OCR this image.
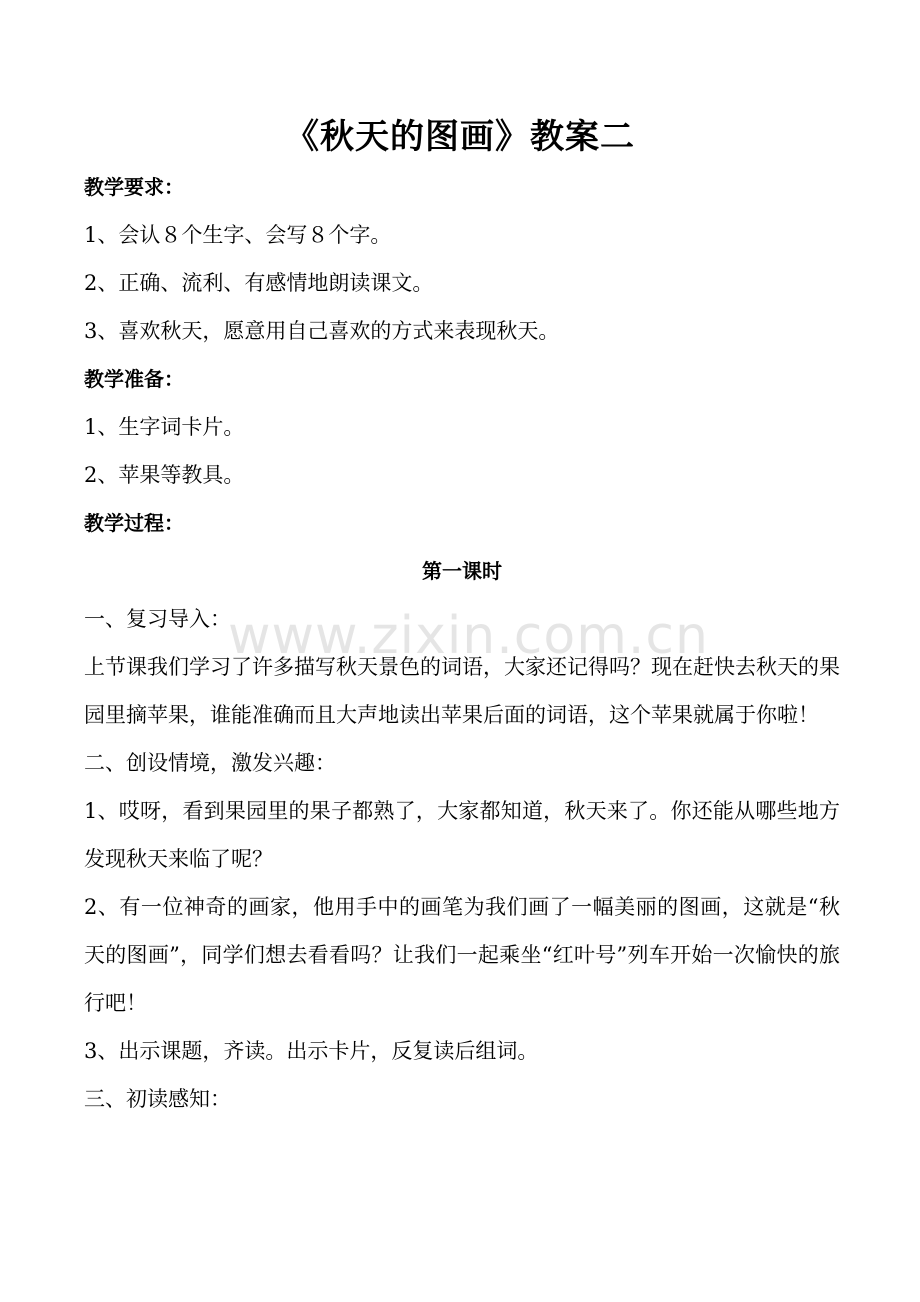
www.zixin.com.cn
《秋天的图画》教案二
教学要求：
1、会认８个生字、会写８个字。
2、正确、流利、有感情地朗读课文。
3、喜欢秋天，愿意用自己喜欢的方式来表现秋天。
教学准备：
1、生字词卡片。
2、苹果等教具。
教学过程：
第一课时
一、复习导入：
上节课我们学习了许多描写秋天景色的词语，大家还记得吗？现在赶快去秋天的果园里摘苹果，谁能准确而且大声地读出苹果后面的词语，这个苹果就属于你啦！
二、创设情境，激发兴趣：
1、哎呀，看到果园里的果子都熟了，大家都知道，秋天来了。你还能从哪些地方发现秋天来临了呢？
2、有一位神奇的画家，他用手中的画笔为我们画了一幅美丽的图画，这就是“秋天的图画”，同学们想去看看吗？让我们一起乘坐“红叶号”列车开始一次愉快的旅行吧！
3、出示课题，齐读。出示卡片，反复读后组词。
三、初读感知：
